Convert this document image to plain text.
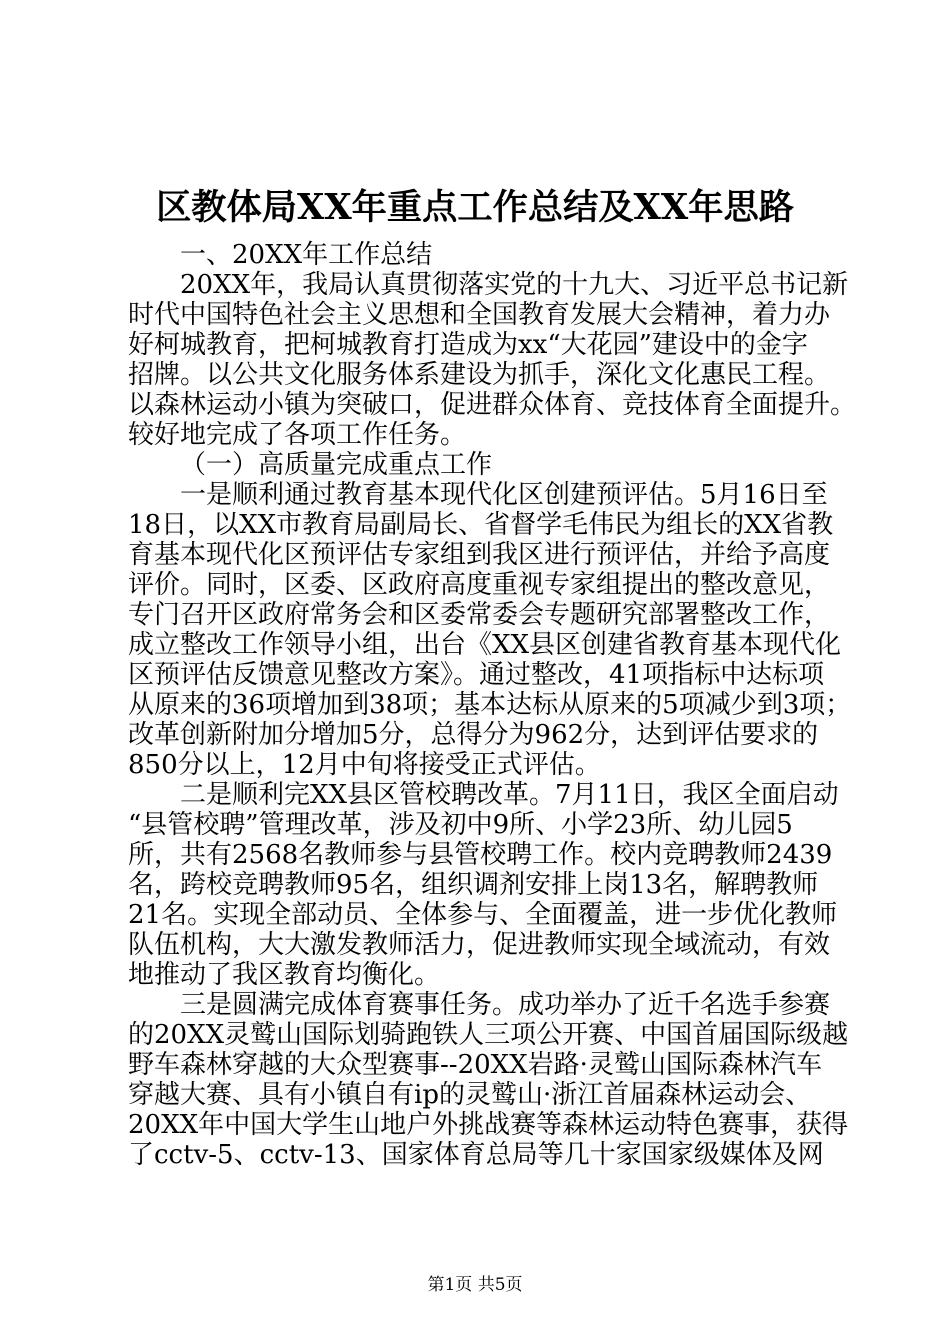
区教体局XX年重点工作总结及XX年思路
一、20XX年工作总结
20XX年，我局认真贯彻落实党的十九大、习近平总书记新
时代中国特色社会主义思想和全国教育发展大会精神，着力办
好柯城教育，把柯城教育打造成为xx“大花园”建设中的金字
招牌。以公共文化服务体系建设为抓手，深化文化惠民工程。
以森林运动小镇为突破口，促进群众体育、竞技体育全面提升。
较好地完成了各项工作任务。
（一）高质量完成重点工作
一是顺利通过教育基本现代化区创建预评估。5月16日至
18日，以XX市教育局副局长、省督学毛伟民为组长的XX省教
育基本现代化区预评估专家组到我区进行预评估，并给予高度
评价。同时，区委、区政府高度重视专家组提出的整改意见，
专门召开区政府常务会和区委常委会专题研究部署整改工作，
成立整改工作领导小组，出台《XX县区创建省教育基本现代化
区预评估反馈意见整改方案》。通过整改，41项指标中达标项
从原来的36项增加到38项；基本达标从原来的5项减少到3项；
改革创新附加分增加5分，总得分为962分，达到评估要求的
850分以上，12月中旬将接受正式评估。
二是顺利完XX县区管校聘改革。7月11日，我区全面启动
“县管校聘”管理改革，涉及初中9所、小学23所、幼儿园5
所，共有2568名教师参与县管校聘工作。校内竞聘教师2439
名，跨校竞聘教师95名，组织调剂安排上岗13名，解聘教师
21名。实现全部动员、全体参与、全面覆盖，进一步优化教师
队伍机构，大大激发教师活力，促进教师实现全域流动，有效
地推动了我区教育均衡化。
三是圆满完成体育赛事任务。成功举办了近千名选手参赛
的20XX灵鹫山国际划骑跑铁人三项公开赛、中国首届国际级越
野车森林穿越的大众型赛事--20XX岩路·灵鹫山国际森林汽车
穿越大赛、具有小镇自有ip的灵鹫山·浙江首届森林运动会、
20XX年中国大学生山地户外挑战赛等森林运动特色赛事，获得
了cctv-5、cctv-13、国家体育总局等几十家国家级媒体及网
第1页 共5页
